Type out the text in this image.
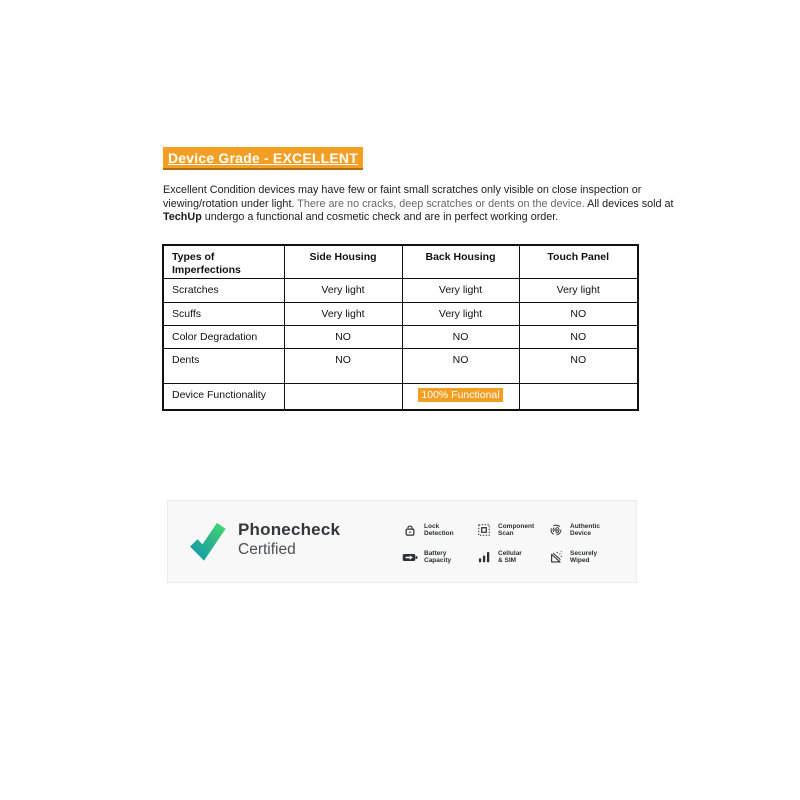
Device Grade - EXCELLENT
Excellent Condition devices may have few or faint small scratches only visible on close inspection or
viewing/rotation under light. There are no cracks, deep scratches or dents on the device. All devices sold at
TechUp undergo a functional and cosmetic check and are in perfect working order.
Types of Imperfections	Side Housing	Back Housing	Touch Panel
Scratches	Very light	Very light	Very light
Scuffs	Very light	Very light	NO
Color Degradation	NO	NO	NO
Dents	NO	NO	NO
Device Functionality		100% Functional	
Phonecheck
Certified
Lock
Detection
Component
Scan
Authentic
Device
Battery
Capacity
Cellular
& SIM
Securely
Wiped
